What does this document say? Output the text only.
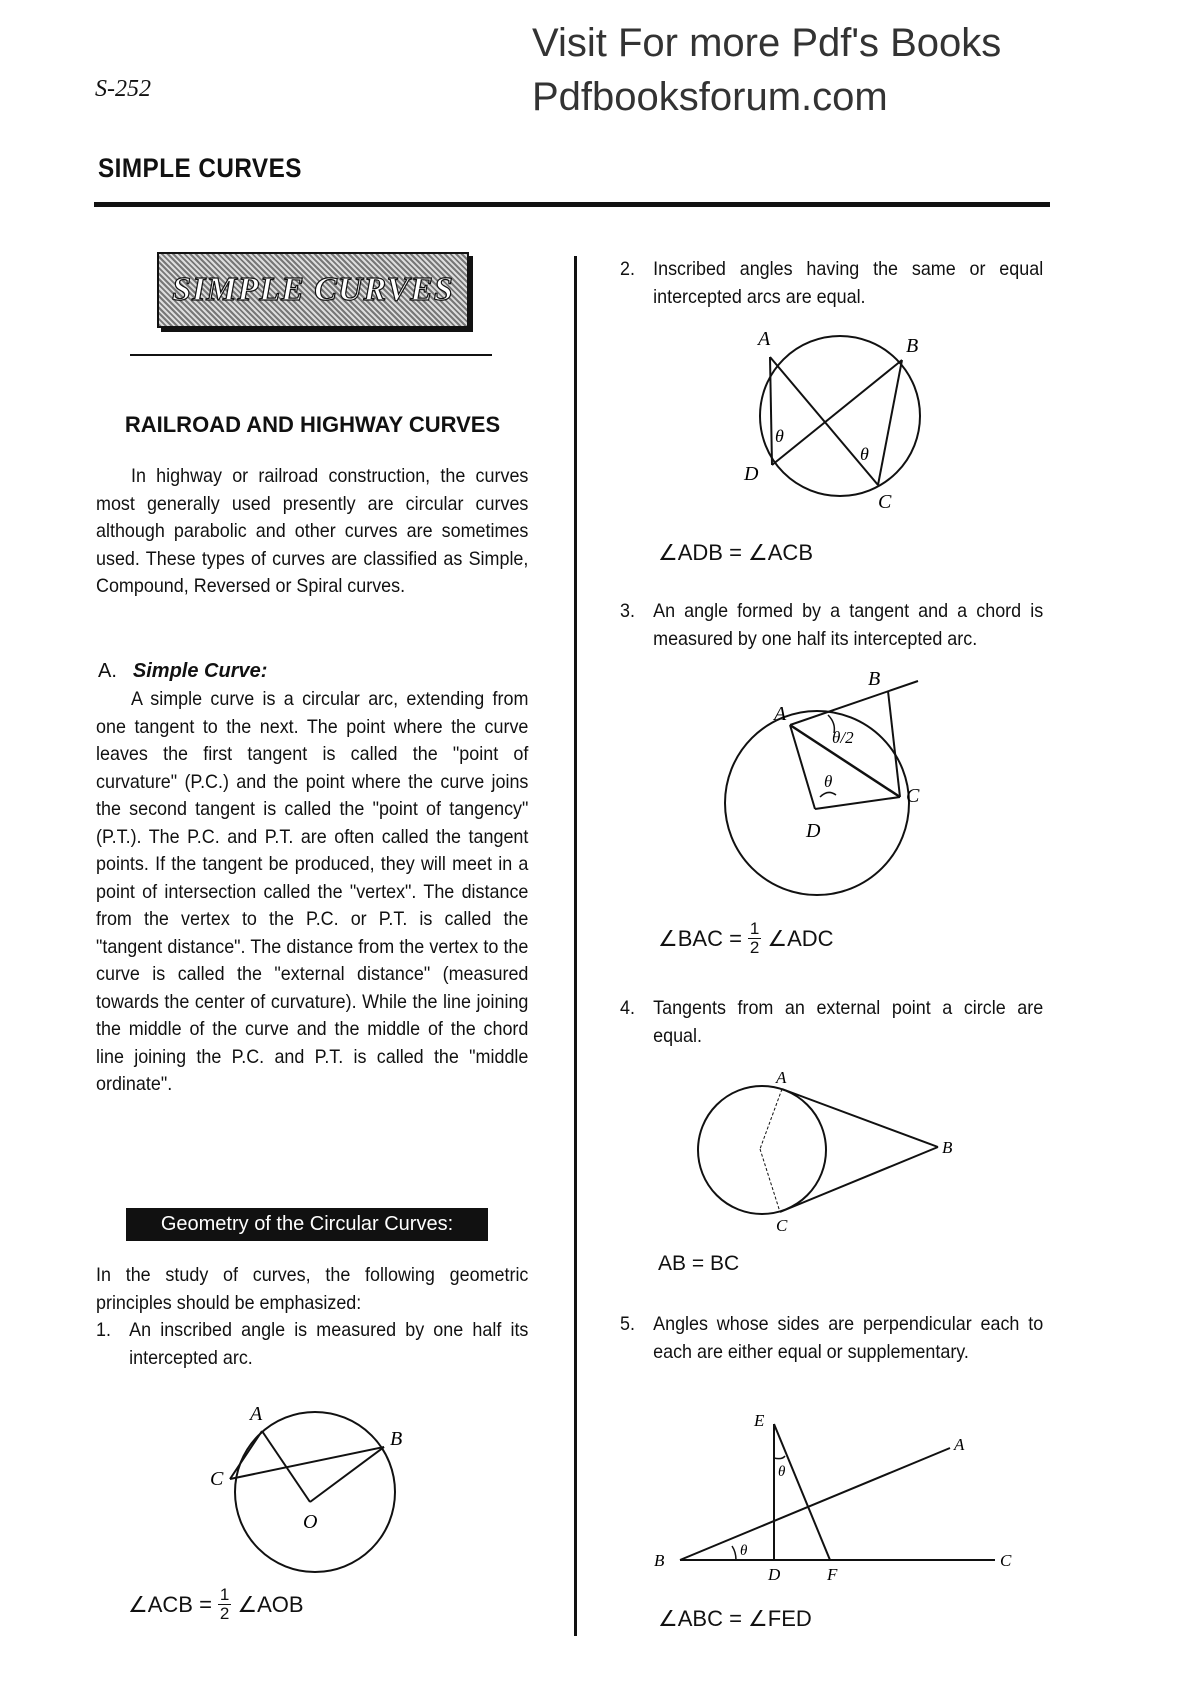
S-252
Visit For more Pdf's Books
Pdfbooksforum.com
SIMPLE CURVES
SIMPLE CURVES
RAILROAD AND HIGHWAY CURVES
In highway or railroad construction, the curves most generally used presently are circular curves although parabolic and other curves are sometimes used. These types of curves are classified as Simple, Compound, Reversed or Spiral curves.
A. Simple Curve:
A simple curve is a circular arc, extending from one tangent to the next. The point where the curve leaves the first tangent is called the "point of curvature" (P.C.) and the point where the curve joins the second tangent is called the "point of tangency" (P.T.). The P.C. and P.T. are often called the tangent points. If the tangent be produced, they will meet in a point of intersection called the "vertex". The distance from the vertex to the P.C. or P.T. is called the "tangent distance". The distance from the vertex to the curve is called the "external distance" (measured towards the center of curvature). While the line joining the middle of the curve and the middle of the chord line joining the P.C. and P.T. is called the "middle ordinate".
Geometry of the Circular Curves:
In the study of curves, the following geometric principles should be emphasized:
1. An inscribed angle is measured by one half its intercepted arc.
A
B
C
O
∠ACB = $\frac{1}{2}$ ∠AOB
2. Inscribed angles having the same or equal intercepted arcs are equal.
A	B
C
D
θ
θ
∠ADB = ∠ACB
3. An angle formed by a tangent and a chord is measured by one half its intercepted arc.
A
B
C
D
θ/2
θ
∠BAC = $\frac{1}{2}$ ∠ADC
4. Tangents from an external point a circle are equal.
A
B
C
AB = BC
5. Angles whose sides are perpendicular each to each are either equal or supplementary.
A
B	C
D
E
F
θ
θ
∠ABC = ∠FED
